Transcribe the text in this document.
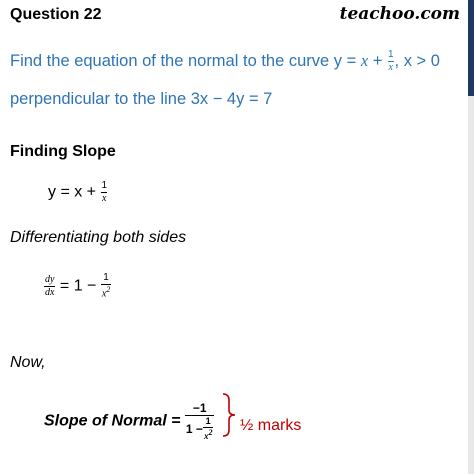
Question 22	teachoo.com
Find the equation of the normal to the curve $y = x + \frac{1}{x}$ , x > 0
perpendicular to the line 3x − 4y = 7
Finding Slope
$y = x + \frac{1}{x}$
Differentiating both sides
$\frac{dy}{dx} = 1 - \frac{1}{x^2}$
Now,
Slope of Normal = $\frac{-1}{1 - \frac{1}{x2}}$ ½ marks
